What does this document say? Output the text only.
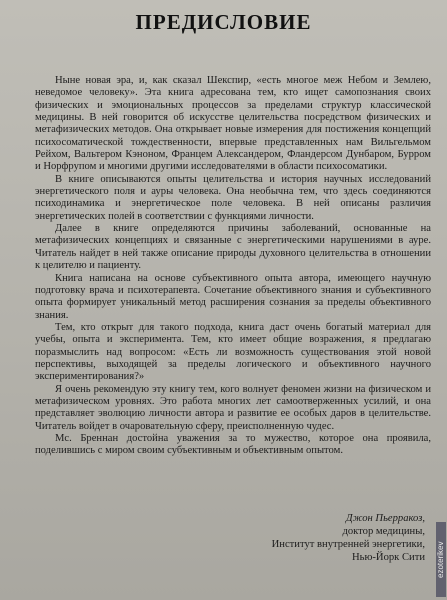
ПРЕДИСЛОВИЕ

Ныне новая эра, и, как сказал Шекспир, «есть многое меж Небом и Землею, неведомое человеку». Эта книга адресована тем, кто ищет самопознания своих физических и эмоциональных процессов за пределами структур классической медицины. В ней говорится об искусстве целительства посредством физических и метафизических методов. Она открывает новые измерения для постижения концепций психосоматической тождественности, впервые представленных нам Вильгельмом Рейхом, Вальтером Кэноном, Францем Александером, Фландерсом Дунбаром, Бурром и Норфрупом и многими другими исследователями в области психосоматики.

В книге описываются опыты целительства и история научных исследований энергетического поля и ауры человека. Она необычна тем, что здесь соединяются психодинамика и энергетическое поле человека. В ней описаны различия энергетических полей в соответствии с функциями личности.

Далее в книге определяются причины заболеваний, основанные на метафизических концепциях и связанные с энергетическими нарушениями в ауре. Читатель найдет в ней также описание природы духовного целительства в отношении к целителю и пациенту.

Книга написана на основе субъективного опыта автора, имеющего научную подготовку врача и психотерапевта. Сочетание объективного знания и субъективного опыта формирует уникальный метод расширения сознания за пределы объективного знания.

Тем, кто открыт для такого подхода, книга даст очень богатый материал для учебы, опыта и эксперимента. Тем, кто имеет общие возражения, я предлагаю поразмыслить над вопросом: «Есть ли возможность существования этой новой перспективы, выходящей за пределы логического и объективного научного экспериментирования?»

Я очень рекомендую эту книгу тем, кого волнует феномен жизни на физическом и метафизическом уровнях. Это работа многих лет самоотверженных усилий, и она представляет эволюцию личности автора и развитие ее особых даров в целительстве. Читатель войдет в очаровательную сферу, преисполненную чудес.

Мс. Бреннан достойна уважения за то мужество, которое она проявила, поделившись с миром своим субъективным и объективным опытом.

Джон Пьерракоз,
доктор медицины,
Институт внутренней энергетики,
Нью-Йорк Сити ezoterikev
